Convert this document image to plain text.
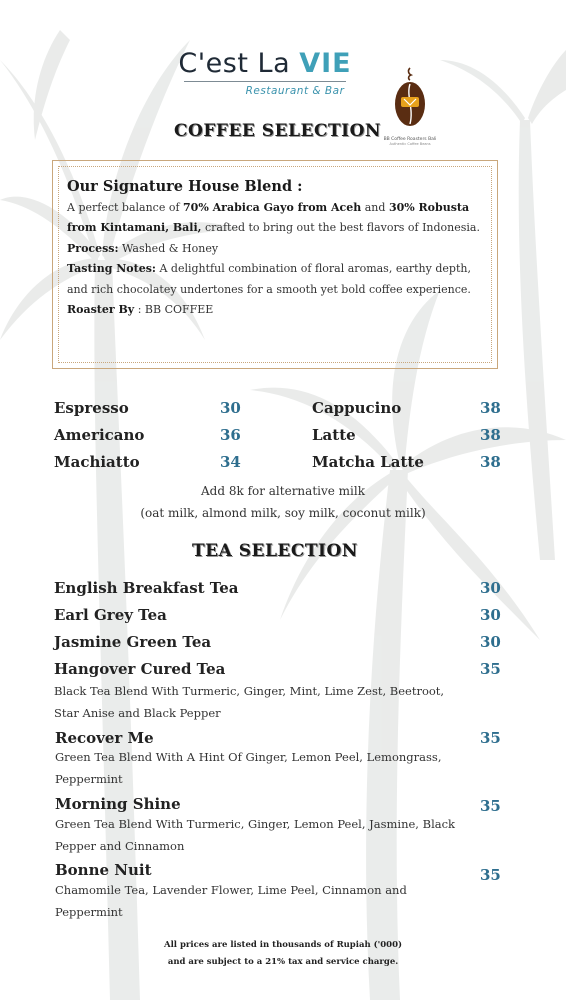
C'est La VIE
Restaurant & Bar
BB Coffee Roasters Bali
Authentic Coffee Beans
COFFEE SELECTION
Our Signature House Blend :

A perfect balance of 70% Arabica Gayo from Aceh and 30% Robusta from Kintamani, Bali, crafted to bring out the best flavors of Indonesia.

Process: Washed & Honey

Tasting Notes: A delightful combination of floral aromas, earthy depth, and rich chocolatey undertones for a smooth yet bold coffee experience.

Roaster By : BB COFFEE

Espresso	30
Americano	36
Machiatto	34
Cappucino	38
Latte	38
Matcha Latte	38
Add 8k for alternative milk
(oat milk, almond milk, soy milk, coconut milk)
TEA SELECTION
English Breakfast Tea	30
Earl Grey Tea	30
Jasmine Green Tea	30
Hangover Cured Tea	35
Black Tea Blend With Turmeric, Ginger, Mint, Lime Zest, Beetroot, Star Anise and Black Pepper
Recover Me	35
Green Tea Blend With A Hint Of Ginger, Lemon Peel, Lemongrass, Peppermint
Morning Shine	35
Green Tea Blend With Turmeric, Ginger, Lemon Peel, Jasmine, Black Pepper and Cinnamon
Bonne Nuit	35
Chamomile Tea, Lavender Flower, Lime Peel, Cinnamon and Peppermint
All prices are listed in thousands of Rupiah ('000)
and are subject to a 21% tax and service charge.
